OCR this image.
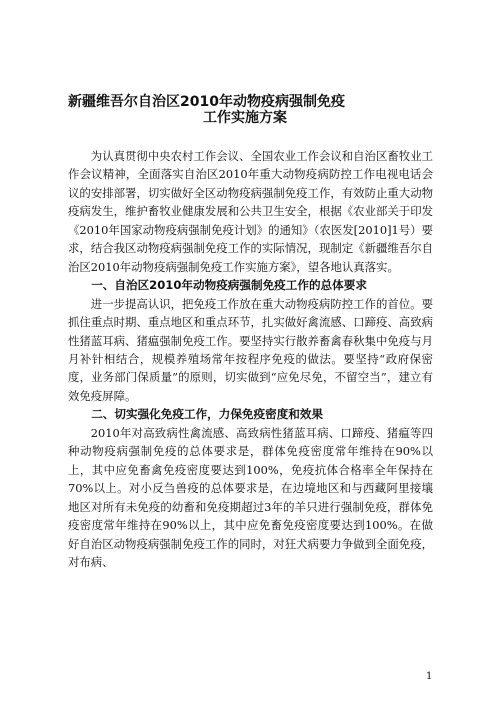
新疆维吾尔自治区2010年动物疫病强制免疫
工作实施方案

为认真贯彻中央农村工作会议、全国农业工作会议和自治区畜牧业工作会议精神，全面落实自治区2010年重大动物疫病防控工作电视电话会议的安排部署，切实做好全区动物疫病强制免疫工作，有效防止重大动物疫病发生，维护畜牧业健康发展和公共卫生安全，根据《农业部关于印发《2010年国家动物疫病强制免疫计划》的通知》（农医发[2010]1号）要求，结合我区动物疫病强制免疫工作的实际情况，现制定《新疆维吾尔自治区2010年动物疫病强制免疫工作实施方案》，望各地认真落实。

一、自治区2010年动物疫病强制免疫工作的总体要求

进一步提高认识，把免疫工作放在重大动物疫病防控工作的首位。要抓住重点时期、重点地区和重点环节，扎实做好禽流感、口蹄疫、高致病性猪蓝耳病、猪瘟强制免疫工作。要坚持实行散养畜禽春秋集中免疫与月月补针相结合，规模养殖场常年按程序免疫的做法。要坚持“政府保密度，业务部门保质量”的原则，切实做到“应免尽免，不留空当”，建立有效免疫屏障。

二、切实强化免疫工作，力保免疫密度和效果

2010年对高致病性禽流感、高致病性猪蓝耳病、口蹄疫、猪瘟等四种动物疫病强制免疫的总体要求是，群体免疫密度常年维持在90%以上，其中应免畜禽免疫密度要达到100%，免疫抗体合格率全年保持在70%以上。对小反刍兽疫的总体要求是，在边境地区和与西藏阿里接壤地区对所有未免疫的幼畜和免疫期超过3年的羊只进行强制免疫，群体免疫密度常年维持在90%以上，其中应免畜免疫密度要达到100%。在做好自治区动物疫病强制免疫工作的同时，对狂犬病要力争做到全面免疫，对布病、

1
